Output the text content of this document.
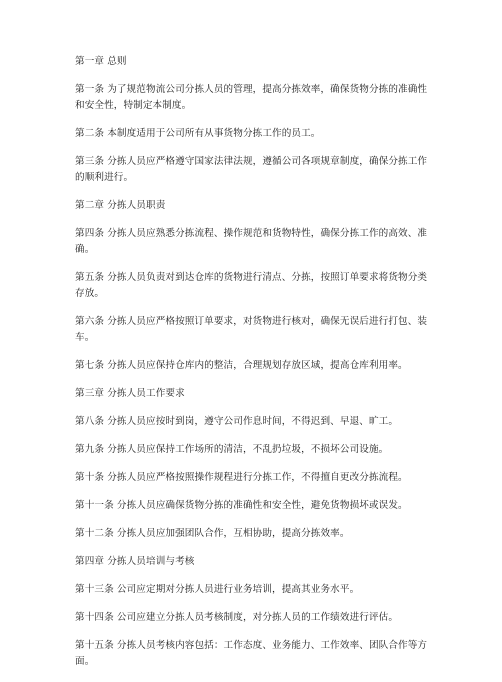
第一章 总则

第一条 为了规范物流公司分拣人员的管理，提高分拣效率，确保货物分拣的准确性和安全性，特制定本制度。

第二条 本制度适用于公司所有从事货物分拣工作的员工。

第三条 分拣人员应严格遵守国家法律法规，遵循公司各项规章制度，确保分拣工作的顺利进行。

第二章 分拣人员职责

第四条 分拣人员应熟悉分拣流程、操作规范和货物特性，确保分拣工作的高效、准确。

第五条 分拣人员负责对到达仓库的货物进行清点、分拣，按照订单要求将货物分类存放。

第六条 分拣人员应严格按照订单要求，对货物进行核对，确保无误后进行打包、装车。

第七条 分拣人员应保持仓库内的整洁，合理规划存放区域，提高仓库利用率。

第三章 分拣人员工作要求

第八条 分拣人员应按时到岗，遵守公司作息时间，不得迟到、早退、旷工。

第九条 分拣人员应保持工作场所的清洁，不乱扔垃圾，不损坏公司设施。

第十条 分拣人员应严格按照操作规程进行分拣工作，不得擅自更改分拣流程。

第十一条 分拣人员应确保货物分拣的准确性和安全性，避免货物损坏或误发。

第十二条 分拣人员应加强团队合作，互相协助，提高分拣效率。

第四章 分拣人员培训与考核

第十三条 公司应定期对分拣人员进行业务培训，提高其业务水平。

第十四条 公司应建立分拣人员考核制度，对分拣人员的工作绩效进行评估。

第十五条 分拣人员考核内容包括：工作态度、业务能力、工作效率、团队合作等方面。
